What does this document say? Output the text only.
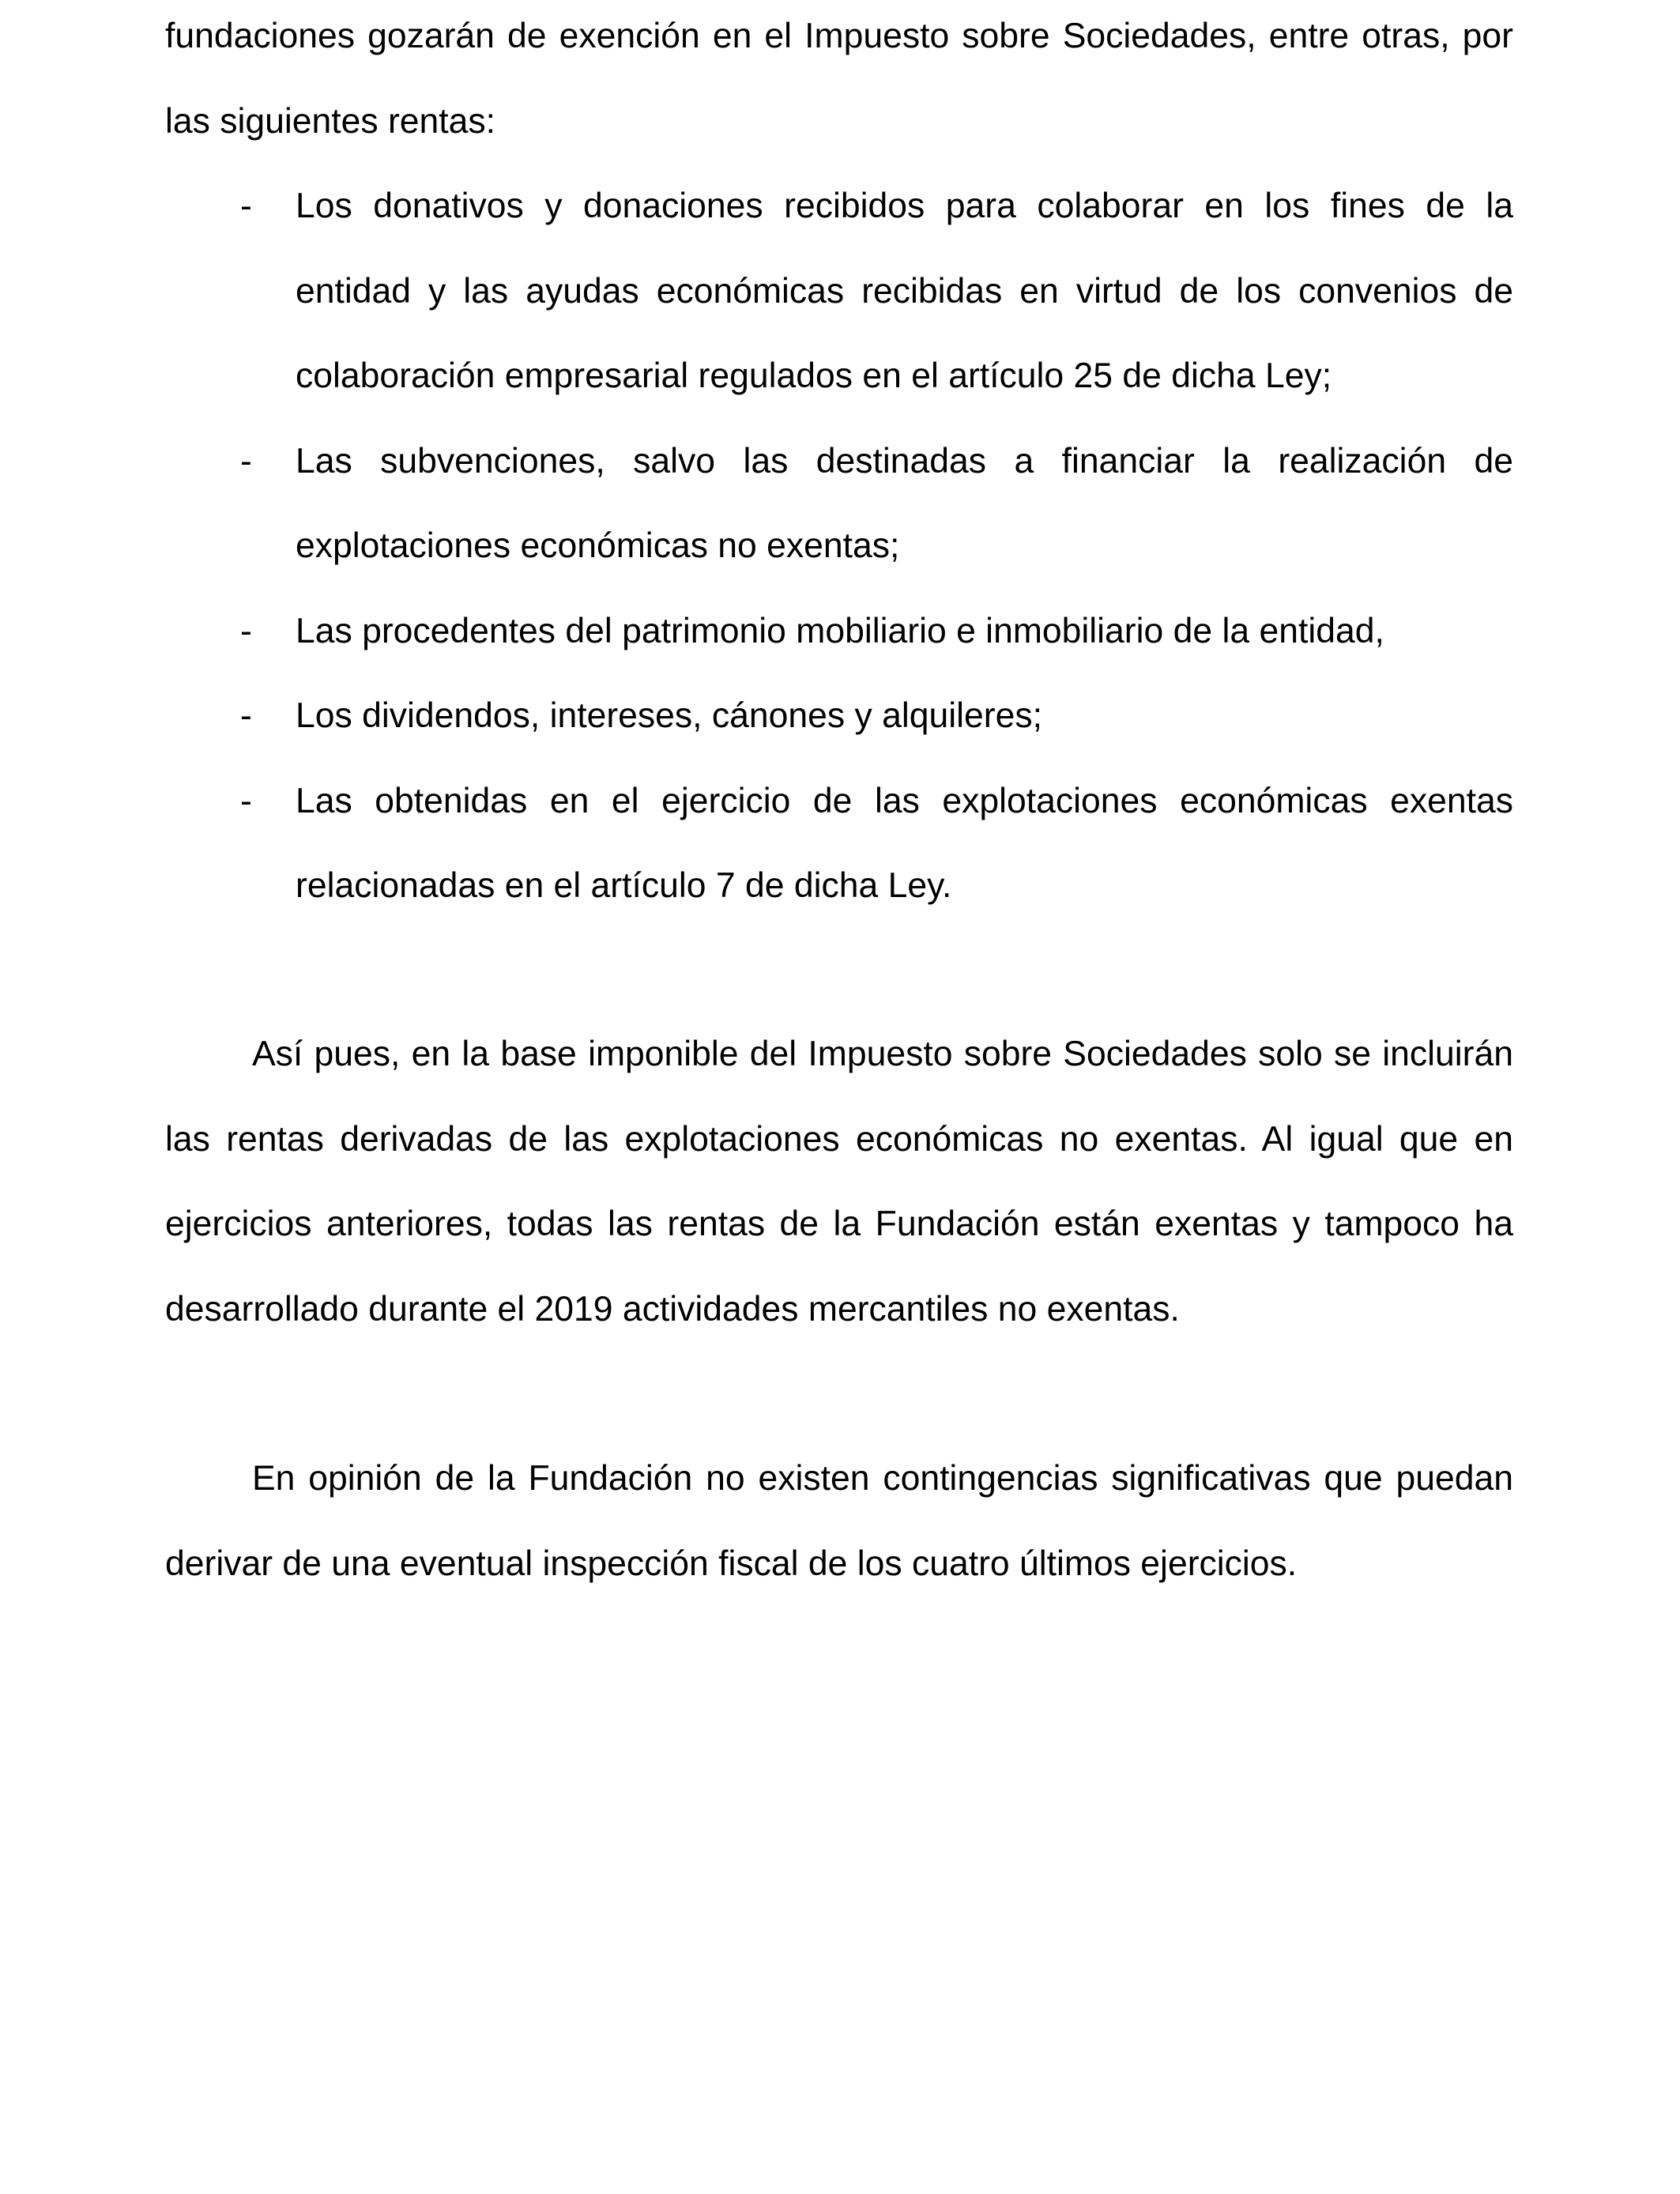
fundaciones gozarán de exención en el Impuesto sobre Sociedades, entre otras, por las siguientes rentas:

- Los donativos y donaciones recibidos para colaborar en los fines de la entidad y las ayudas económicas recibidas en virtud de los convenios de colaboración empresarial regulados en el artículo 25 de dicha Ley;
- Las subvenciones, salvo las destinadas a financiar la realización de explotaciones económicas no exentas;
- Las procedentes del patrimonio mobiliario e inmobiliario de la entidad,
- Los dividendos, intereses, cánones y alquileres;
- Las obtenidas en el ejercicio de las explotaciones económicas exentas relacionadas en el artículo 7 de dicha Ley.

Así pues, en la base imponible del Impuesto sobre Sociedades solo se incluirán las rentas derivadas de las explotaciones económicas no exentas. Al igual que en ejercicios anteriores, todas las rentas de la Fundación están exentas y tampoco ha desarrollado durante el 2019 actividades mercantiles no exentas.

En opinión de la Fundación no existen contingencias significativas que puedan derivar de una eventual inspección fiscal de los cuatro últimos ejercicios.
